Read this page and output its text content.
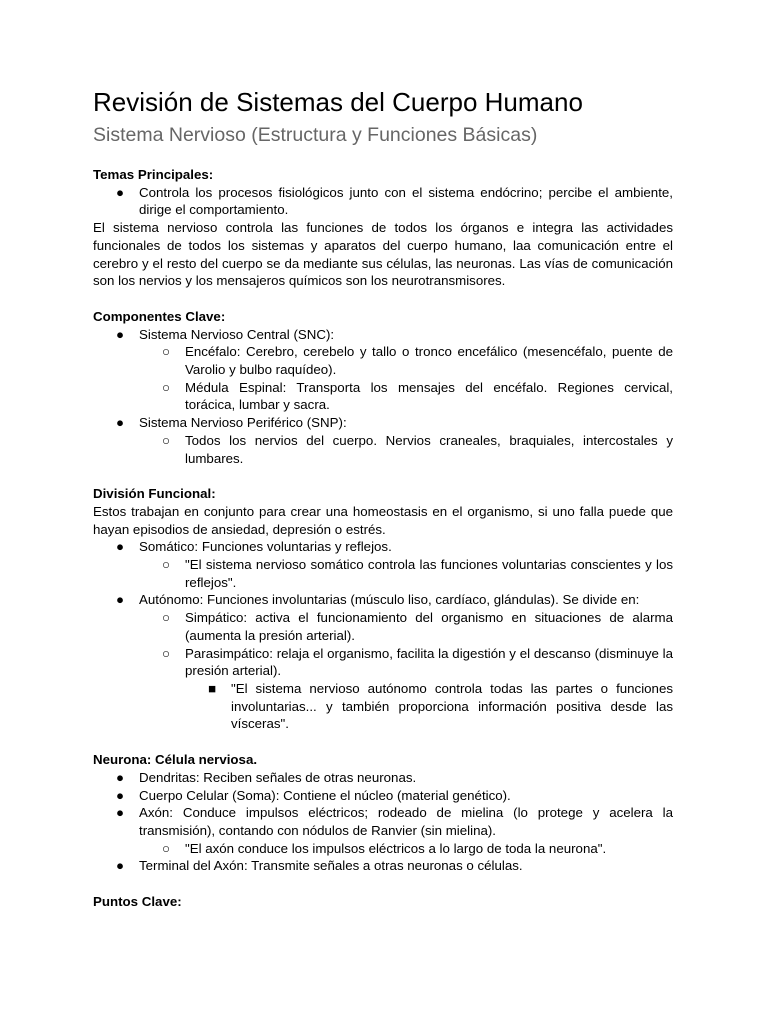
Revisión de Sistemas del Cuerpo Humano
Sistema Nervioso (Estructura y Funciones Básicas)
Temas Principales:
● Controla los procesos fisiológicos junto con el sistema endócrino; percibe el ambiente, dirige el comportamiento.

El sistema nervioso controla las funciones de todos los órganos e integra las actividades funcionales de todos los sistemas y aparatos del cuerpo humano, laa comunicación entre el cerebro y el resto del cuerpo se da mediante sus células, las neuronas. Las vías de comunicación son los nervios y los mensajeros químicos son los neurotransmisores.

Componentes Clave:
● Sistema Nervioso Central (SNC):
○ Encéfalo: Cerebro, cerebelo y tallo o tronco encefálico (mesencéfalo, puente de Varolio y bulbo raquídeo).
○ Médula Espinal: Transporta los mensajes del encéfalo. Regiones cervical, torácica, lumbar y sacra.
● Sistema Nervioso Periférico (SNP):
○ Todos los nervios del cuerpo. Nervios craneales, braquiales, intercostales y lumbares.
División Funcional:

Estos trabajan en conjunto para crear una homeostasis en el organismo, si uno falla puede que hayan episodios de ansiedad, depresión o estrés.

● Somático: Funciones voluntarias y reflejos.
○ "El sistema nervioso somático controla las funciones voluntarias conscientes y los reflejos".
● Autónomo: Funciones involuntarias (músculo liso, cardíaco, glándulas). Se divide en:
○ Simpático: activa el funcionamiento del organismo en situaciones de alarma (aumenta la presión arterial).
○ Parasimpático: relaja el organismo, facilita la digestión y el descanso (disminuye la presión arterial).
■ "El sistema nervioso autónomo controla todas las partes o funciones involuntarias... y también proporciona información positiva desde las vísceras".
Neurona: Célula nerviosa.
● Dendritas: Reciben señales de otras neuronas.
● Cuerpo Celular (Soma): Contiene el núcleo (material genético).
● Axón: Conduce impulsos eléctricos; rodeado de mielina (lo protege y acelera la transmisión), contando con nódulos de Ranvier (sin mielina).
○ "El axón conduce los impulsos eléctricos a lo largo de toda la neurona".
● Terminal del Axón: Transmite señales a otras neuronas o células.
Puntos Clave:
